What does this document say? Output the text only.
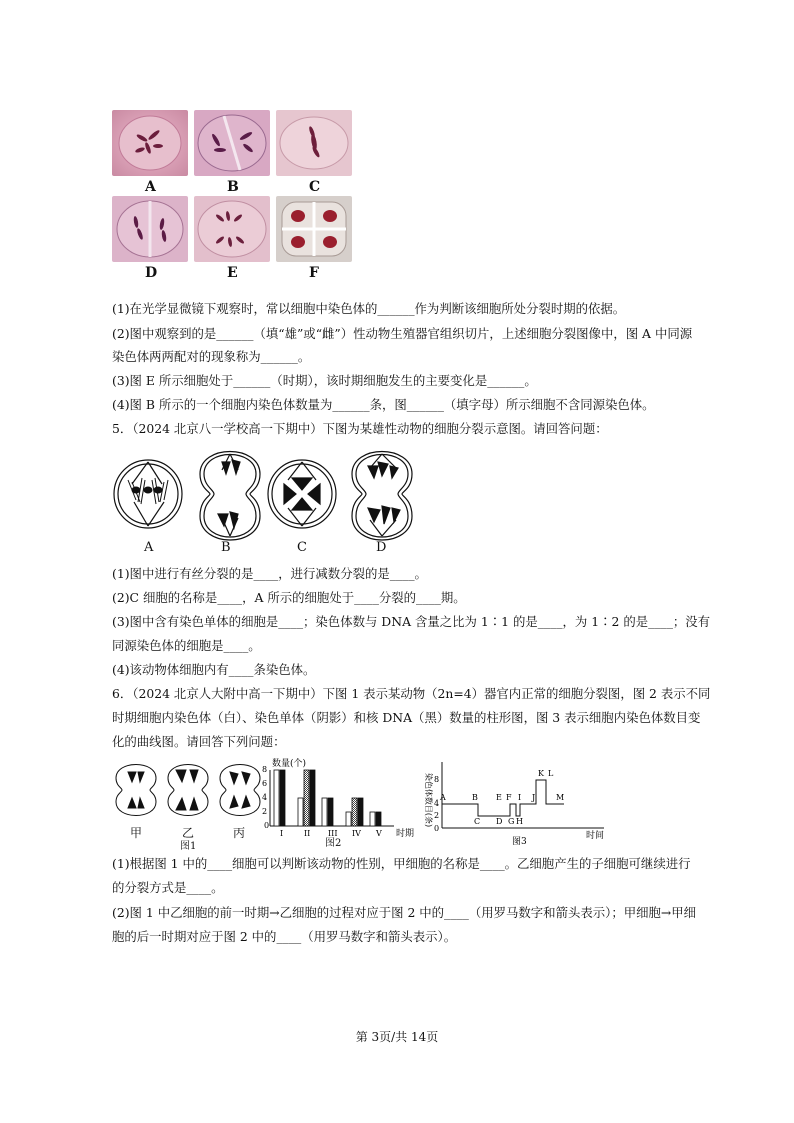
A	B	C
D	E	F
(1)在光学显微镜下观察时，常以细胞中染色体的______作为判断该细胞所处分裂时期的依据。
(2)图中观察到的是______（填“雄”或“雌”）性动物生殖器官组织切片，上述细胞分裂图像中，图 A 中同源
染色体两两配对的现象称为______。
(3)图 E 所示细胞处于______（时期），该时期细胞发生的主要变化是______。
(4)图 B 所示的一个细胞内染色体数量为______条，图______（填字母）所示细胞不含同源染色体。
5．（2024 北京八一学校高一下期中）下图为某雄性动物的细胞分裂示意图。请回答问题：
A	B	C	D
(1)图中进行有丝分裂的是____，进行减数分裂的是____。
(2)C 细胞的名称是____，A 所示的细胞处于____分裂的____期。
(3)图中含有染色单体的细胞是____；染色体数与 DNA 含量之比为 1∶1 的是____，为 1∶2 的是____；没有
同源染色体的细胞是____。
(4)该动物体细胞内有____条染色体。
6．（2024 北京人大附中高一下期中）下图 1 表示某动物（2n=4）器官内正常的细胞分裂图，图 2 表示不同
时期细胞内染色体（白）、染色单体（阴影）和核 DNA（黑）数量的柱形图，图 3 表示细胞内染色体数目变
化的曲线图。请回答下列问题：
甲	乙	丙
图1
数量(个)
0
2
4
6
8
I	II III IV V 时期
图2
染色体数目(条)
0
2
4
8
A	B
C D
E F
G H
I J
K L
M
时间
图3
(1)根据图 1 中的____细胞可以判断该动物的性别，甲细胞的名称是____。乙细胞产生的子细胞可继续进行
的分裂方式是____。
(2)图 1 中乙细胞的前一时期→乙细胞的过程对应于图 2 中的____（用罗马数字和箭头表示）；甲细胞→甲细
胞的后一时期对应于图 2 中的____（用罗马数字和箭头表示）。
第 3页/共 14页
